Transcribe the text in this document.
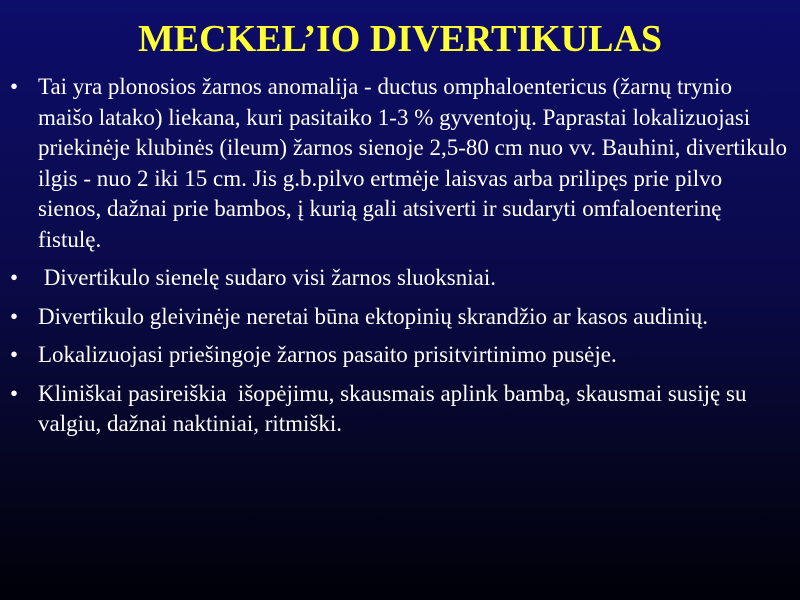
MECKEL’IO DIVERTIKULAS
• Tai yra plonosios žarnos anomalija - ductus omphaloentericus (žarnų trynio maišo latako) liekana, kuri pasitaiko 1-3 % gyventojų. Paprastai lokalizuojasi priekinėje klubinės (ileum) žarnos sienoje 2,5-80 cm nuo vv. Bauhini, divertikulo ilgis - nuo 2 iki 15 cm. Jis g.b.pilvo ertmėje laisvas arba prilipęs prie pilvo sienos, dažnai prie bambos, į kurią gali atsiverti ir sudaryti omfaloenterinę fistulę.
• Divertikulo sienelę sudaro visi žarnos sluoksniai.
• Divertikulo gleivinėje neretai būna ektopinių skrandžio ar kasos audinių.
• Lokalizuojasi priešingoje žarnos pasaito prisitvirtinimo pusėje.
• Kliniškai pasireiškia  išopėjimu, skausmais aplink bambą, skausmai susiję su valgiu, dažnai naktiniai, ritmiški.
